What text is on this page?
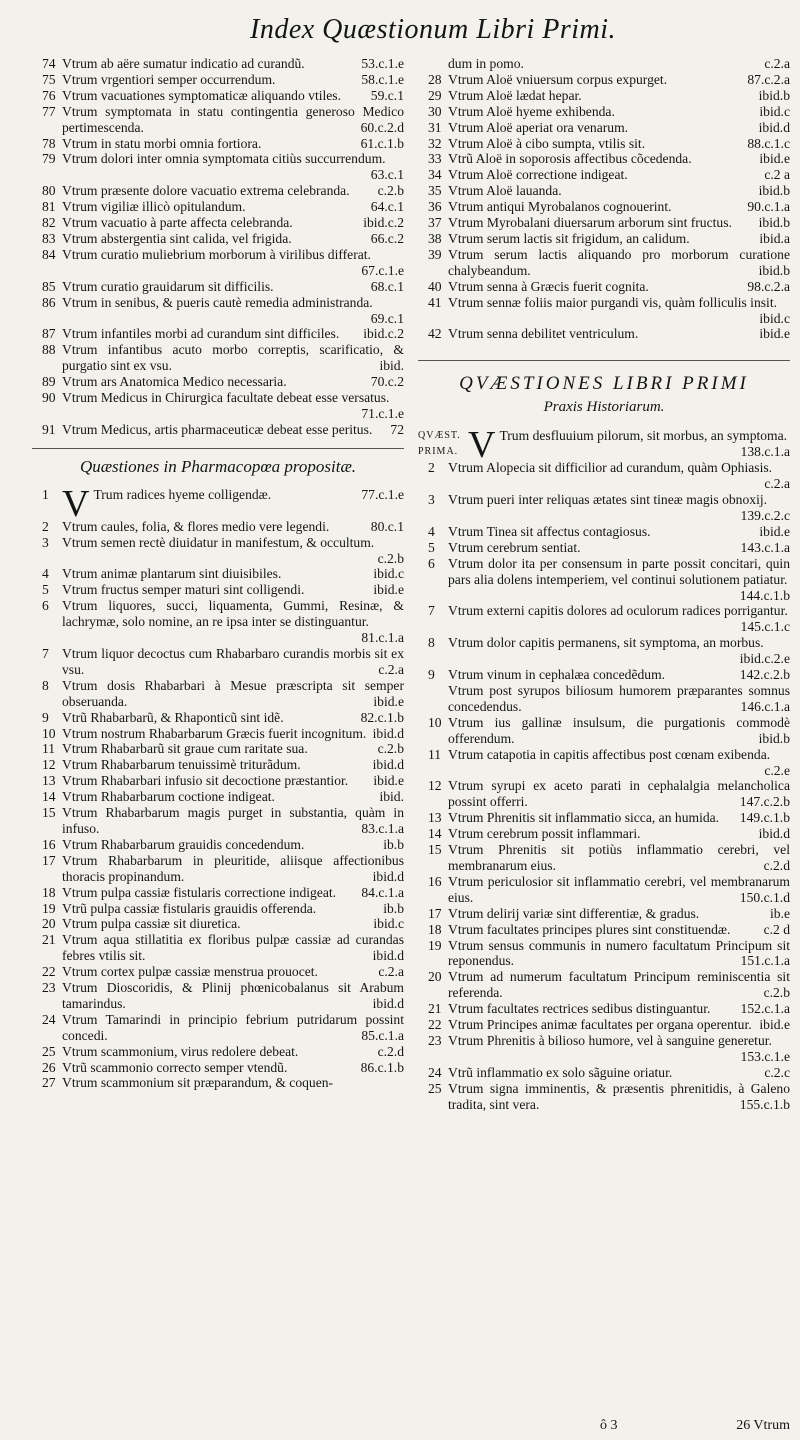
Index Quæstionum Libri Primi.
74 Vtrum ab aëre sumatur indicatio ad curandũ.	53.c.1.e
75 Vtrum vrgentiori semper occurrendum.	58.c.1.e
76 Vtrum vacuationes symptomaticæ aliquando vtiles. 59.c.1
77 Vtrum symptomata in statu contingentia generoso Medico pertimescenda.	60.c.2.d
78 Vtrum in statu morbi omnia fortiora.	61.c.1.b
79 Vtrum dolori inter omnia symptomata citiùs succurrendum.
63.c.1
80 Vtrum præsente dolore vacuatio extrema celebranda. c.2.b
81 Vtrum vigiliæ illicò opitulandum.	64.c.1
82 Vtrum vacuatio à parte affecta celebranda.	ibid.c.2
83 Vtrum abstergentia sint calida, vel frigida.	66.c.2
84 Vtrum curatio muliebrium morborum à virilibus differat.
67.c.1.e
85 Vtrum curatio grauidarum sit difficilis.	68.c.1
86 Vtrum in senibus, & pueris cautè remedia administranda.
69.c.1
87 Vtrum infantiles morbi ad curandum sint difficiles. ibid.c.2
88 Vtrum infantibus acuto morbo correptis, scarificatio, & purgatio sint ex vsu.	ibid.
89 Vtrum ars Anatomica Medico necessaria.	70.c.2
90 Vtrum Medicus in Chirurgica facultate debeat esse versatus.
71.c.1.e
91 Vtrum Medicus, artis pharmaceuticæ debeat esse peritus. 72
Quæstiones in Pharmacopœa propositæ.
1 V Trum radices hyeme colligendæ.	77.c.1.e
2 Vtrum caules, folia, & flores medio vere legendi.	80.c.1
3 Vtrum semen rectè diuidatur in manifestum, & occultum.
c.2.b
4 Vtrum animæ plantarum sint diuisibiles.	ibid.c
5 Vtrum fructus semper maturi sint colligendi.	ibid.e
6 Vtrum liquores, succi, liquamenta, Gummi, Resinæ, & lachrymæ, solo nomine, an re ipsa inter se distinguantur.
81.c.1.a
7 Vtrum liquor decoctus cum Rhabarbaro curandis morbis sit ex vsu.	c.2.a
8 Vtrum dosis Rhabarbari à Mesue præscripta sit semper obseruanda.	ibid.e
9 Vtrũ Rhabarbarũ, & Rhaponticũ sint idẽ.	82.c.1.b
10 Vtrum nostrum Rhabarbarum Græcis fuerit incognitum. ibid.d
11 Vtrum Rhabarbarũ sit graue cum raritate sua.	c.2.b
12 Vtrum Rhabarbarum tenuissimè triturãdum.	ibid.d
13 Vtrum Rhabarbari infusio sit decoctione præstantior. ibid.e
14 Vtrum Rhabarbarum coctione indigeat.	ibid.
15 Vtrum Rhabarbarum magis purget in substantia, quàm in infuso.	83.c.1.a
16 Vtrum Rhabarbarum grauidis concedendum.	ib.b
17 Vtrum Rhabarbarum in pleuritide, aliisque affectionibus thoracis propinandum.	ibid.d
18 Vtrum pulpa cassiæ fistularis correctione indigeat. 84.c.1.a
19 Vtrũ pulpa cassiæ fistularis grauidis offerenda.	ib.b
20 Vtrum pulpa cassiæ sit diuretica.	ibid.c
21 Vtrum aqua stillatitia ex floribus pulpæ cassiæ ad curandas febres vtilis sit.	ibid.d
22 Vtrum cortex pulpæ cassiæ menstrua prouocet.	c.2.a
23 Vtrum Dioscoridis, & Plinij phœnicobalanus sit Arabum tamarindus.	ibid.d
24 Vtrum Tamarindi in principio febrium putridarum possint concedi.	85.c.1.a
25 Vtrum scammonium, virus redolere debeat.	c.2.d
26 Vtrũ scammonio correcto semper vtendũ.	86.c.1.b
27 Vtrum scammonium sit præparandum, & coquen-
dum in pomo.	c.2.a
28 Vtrum Aloë vniuersum corpus expurget.	87.c.2.a
29 Vtrum Aloë lædat hepar.	ibid.b
30 Vtrum Aloë hyeme exhibenda.	ibid.c
31 Vtrum Aloë aperiat ora venarum.	ibid.d
32 Vtrum Aloë à cibo sumpta, vtilis sit.	88.c.1.c
33 Vtrũ Aloë in soporosis affectibus cõcedenda.	ibid.e
34 Vtrum Aloë correctione indigeat.	c.2 a
35 Vtrum Aloë lauanda.	ibid.b
36 Vtrum antiqui Myrobalanos cognouerint.	90.c.1.a
37 Vtrum Myrobalani diuersarum arborum sint fructus. ibid.b
38 Vtrum serum lactis sit frigidum, an calidum.	ibid.a
39 Vtrum serum lactis aliquando pro morborum curatione chalybeandum.	ibid.b
40 Vtrum senna à Græcis fuerit cognita.	98.c.2.a
41 Vtrum sennæ foliis maior purgandi vis, quàm folliculis insit.
ibid.c
42 Vtrum senna debilitet ventriculum.	ibid.e
QVÆSTIONES LIBRI PRIMI
Praxis Historiarum.
QVÆST. PRIMA. V Trum desfluuium pilorum, sit morbus, an symptoma.
138.c.1.a
2 Vtrum Alopecia sit difficilior ad curandum, quàm Ophiasis.
c.2.a
3 Vtrum pueri inter reliquas ætates sint tineæ magis obnoxij.
139.c.2.c
4 Vtrum Tinea sit affectus contagiosus.	ibid.e
5 Vtrum cerebrum sentiat.	143.c.1.a
6 Vtrum dolor ita per consensum in parte possit concitari, quin pars alia dolens intemperiem, vel continui solutionem patiatur.
144.c.1.b
7 Vtrum externi capitis dolores ad oculorum radices porrigantur.
145.c.1.c
8 Vtrum dolor capitis permanens, sit symptoma, an morbus.
ibid.c.2.e
9 Vtrum vinum in cephalæa concedẽdum.	142.c.2.b
Vtrum post syrupos biliosum humorem præparantes somnus concedendus.	146.c.1.a
10 Vtrum ius gallinæ insulsum, die purgationis commodè offerendum.	ibid.b
11 Vtrum catapotia in capitis affectibus post cœnam exibenda.
c.2.e
12 Vtrum syrupi ex aceto parati in cephalalgia melancholica possint offerri.	147.c.2.b
13 Vtrum Phrenitis sit inflammatio sicca, an humida. 149.c.1.b
14 Vtrum cerebrum possit inflammari.	ibid.d
15 Vtrum Phrenitis sit potiùs inflammatio cerebri, vel membranarum eius.	c.2.d
16 Vtrum periculosior sit inflammatio cerebri, vel membranarum eius.	150.c.1.d
17 Vtrum delirij variæ sint differentiæ, & gradus.	ib.e
18 Vtrum facultates principes plures sint constituendæ. c.2 d
19 Vtrum sensus communis in numero facultatum Principum sit reponendus.	151.c.1.a
20 Vtrum ad numerum facultatum Principum reminiscentia sit referenda.	c.2.b
21 Vtrum facultates rectrices sedibus distinguantur. 152.c.1.a
22 Vtrum Principes animæ facultates per organa operentur. ibid.e
23 Vtrum Phrenitis à bilioso humore, vel à sanguine generetur.
153.c.1.e
24 Vtrũ inflammatio ex solo sãguine oriatur.	c.2.c
25 Vtrum signa imminentis, & præsentis phrenitidis, à Galeno tradita, sint vera.	155.c.1.b
ô 3	26 Vtrum
